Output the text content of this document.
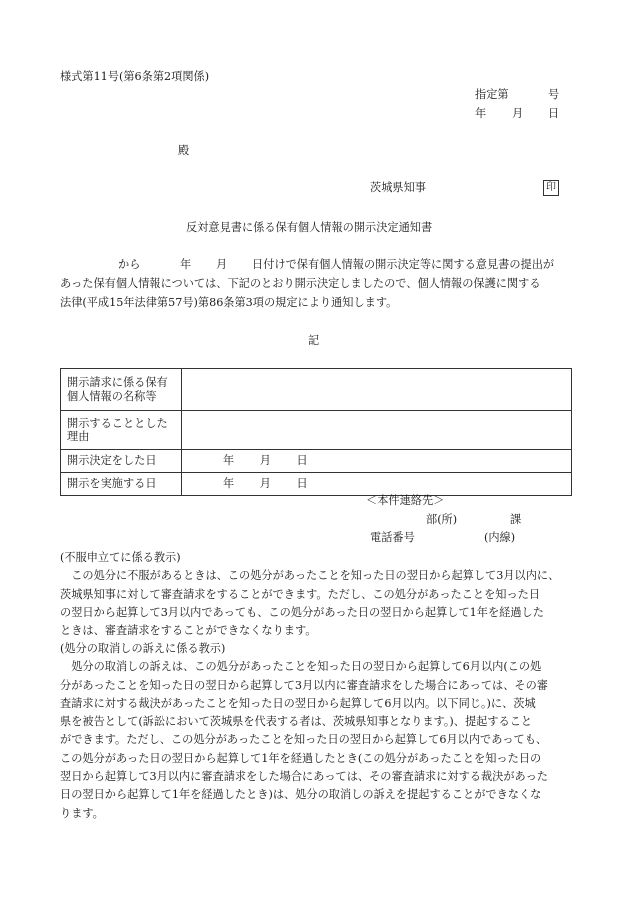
様式第11号(第6条第2項関係)
指定第	号
年 月 日
殿
茨城県知事	印
反対意見書に係る保有個人情報の開示決定通知書
から	年 月 日付けで保有個人情報の開示決定等に関する意見書の提出が
あった保有個人情報については、下記のとおり開示決定しましたので、個人情報の保護に関する
法律(平成15年法律第57号)第86条第3項の規定により通知します。
記
開示請求に係る保有個人情報の名称等	
開示することとした理由	
開示決定をした日	年 月 日
開示を実施する日	年 月 日
＜本件連絡先＞
部(所)	課
電話番号	(内線)

(不服申立てに係る教示)

　この処分に不服があるときは、この処分があったことを知った日の翌日から起算して3月以内に、

茨城県知事に対して審査請求をすることができます。ただし、この処分があったことを知った日

の翌日から起算して3月以内であっても、この処分があった日の翌日から起算して1年を経過した

ときは、審査請求をすることができなくなります。

(処分の取消しの訴えに係る教示)

　処分の取消しの訴えは、この処分があったことを知った日の翌日から起算して6月以内(この処

分があったことを知った日の翌日から起算して3月以内に審査請求をした場合にあっては、その審

査請求に対する裁決があったことを知った日の翌日から起算して6月以内。以下同じ。)に、茨城

県を被告として(訴訟において茨城県を代表する者は、茨城県知事となります。)、提起すること

ができます。ただし、この処分があったことを知った日の翌日から起算して6月以内であっても、

この処分があった日の翌日から起算して1年を経過したとき(この処分があったことを知った日の

翌日から起算して3月以内に審査請求をした場合にあっては、その審査請求に対する裁決があった

日の翌日から起算して1年を経過したとき)は、処分の取消しの訴えを提起することができなくな

ります。
